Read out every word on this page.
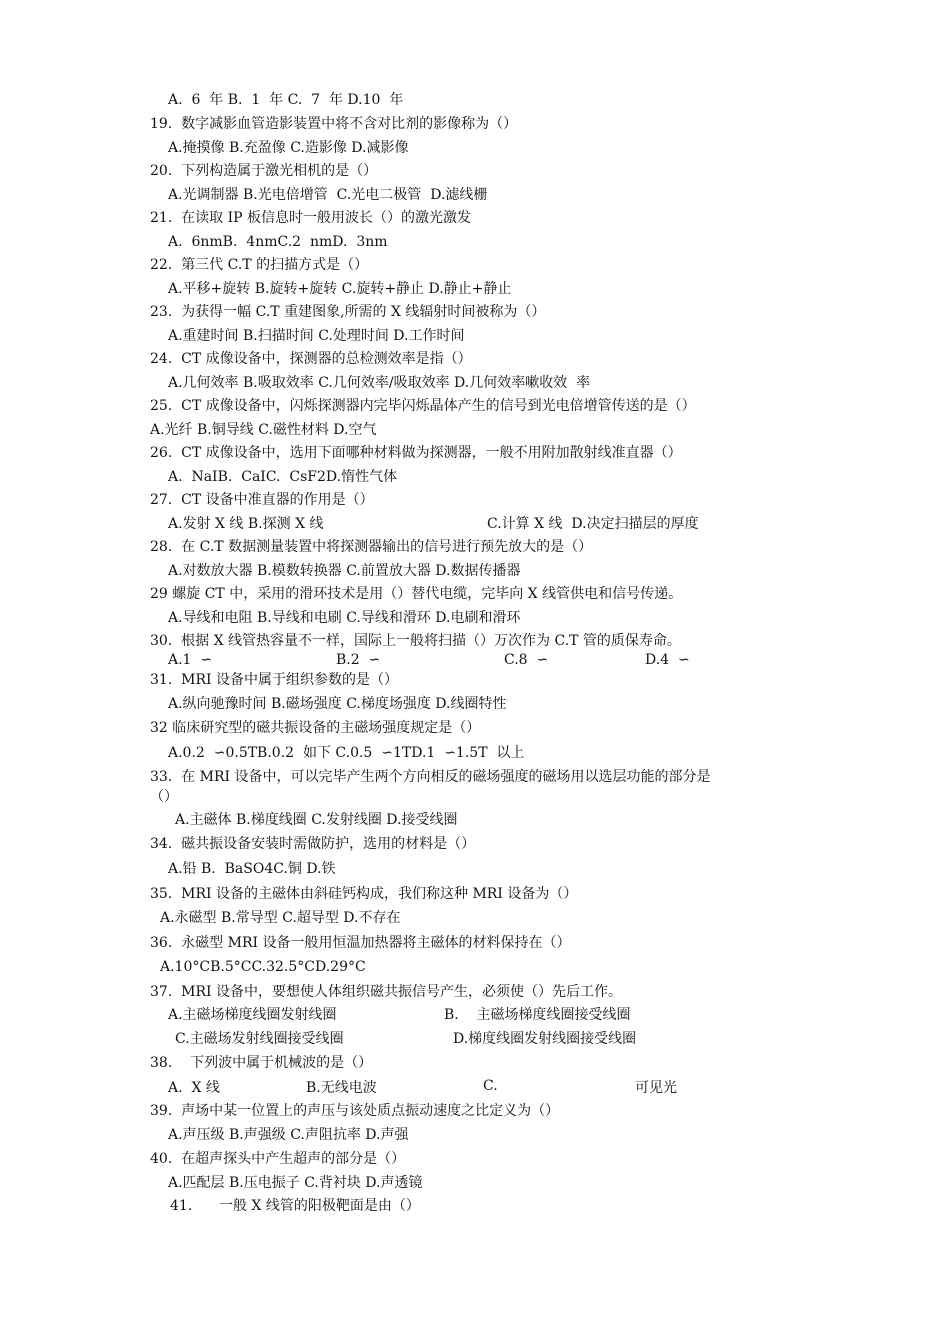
A.  6  年 B.  1  年 C.  7  年 D.10  年
19.  数字减影血管造影装置中将不含对比剂的影像称为（）
A.掩摸像 B.充盈像 C.造影像 D.减影像
20.  下列构造属于激光相机的是（）
A.光调制器 B.光电倍增管  C.光电二极管  D.滤线栅
21.  在读取 IP 板信息时一般用波长（）的激光激发
A.  6nmB.  4nmC.2  nmD.  3nm
22.  第三代 C.T 的扫描方式是（）
A.平移+旋转 B.旋转+旋转 C.旋转+静止 D.静止+静止
23.  为获得一幅 C.T 重建图象,所需的 X 线辐射时间被称为（）
A.重建时间 B.扫描时间 C.处理时间 D.工作时间
24.  CT 成像设备中，探测器的总检测效率是指（）
A.几何效率 B.吸取效率 C.几何效率/吸取效率 D.几何效率嗽收效  率
25.  CT 成像设备中，闪烁探测器内完毕闪烁晶体产生的信号到光电倍增管传送的是（）
A.光纤 B.铜导线 C.磁性材料 D.空气
26.  CT 成像设备中，选用下面哪种材料做为探测器，一般不用附加散射线准直器（）
A.  NaIB.  CaIC.  CsF2D.惰性气体
27.  CT 设备中准直器的作用是（）
A.发射 X 线 B.探测 X 线	C.计算 X 线  D.决定扫描层的厚度
28.  在 C.T 数据测量装置中将探测器输出的信号进行预先放大的是（）
A.对数放大器 B.模数转换器 C.前置放大器 D.数据传播器
29 螺旋 CT 中，采用的滑环技术是用（）替代电缆，完毕向 X 线管供电和信号传递。
A.导线和电阻 B.导线和电刷 C.导线和滑环 D.电刷和滑环
30.  根据 X 线管热容量不一样，国际上一般将扫描（）万次作为 C.T 管的质保寿命。
A.1  ∽	B.2  ∽	C.8  ∽	D.4  ∽
31.  MRI 设备中属于组织参数的是（）
A.纵向驰豫时间 B.磁场强度 C.梯度场强度 D.线圈特性
32 临床研究型的磁共振设备的主磁场强度规定是（）
A.0.2  ∽0.5TB.0.2  如下 C.0.5  ∽1TD.1  ∽1.5T  以上
33.  在 MRI 设备中，可以完毕产生两个方向相反的磁场强度的磁场用以选层功能的部分是
（）
A.主磁体 B.梯度线圈 C.发射线圈 D.接受线圈
34.  磁共振设备安装时需做防护，选用的材料是（）
A.铅 B.  BaSO4C.铜 D.铁
35.  MRI 设备的主磁体由斜硅钙构成，我们称这种 MRI 设备为（）
A.永磁型 B.常导型 C.超导型 D.不存在
36.  永磁型 MRI 设备一般用恒温加热器将主磁体的材料保持在（）
A.10°CB.5°CC.32.5°CD.29°C
37.  MRI 设备中，要想使人体组织磁共振信号产生，必须使（）先后工作。
A.主磁场梯度线圈发射线圈	B.    主磁场梯度线圈接受线圈
C.主磁场发射线圈接受线圈	D.梯度线圈发射线圈接受线圈
38.    下列波中属于机械波的是（）
A.  X 线	B.无线电波	C.	可见光
39.  声场中某一位置上的声压与该处质点振动速度之比定义为（）
A.声压级 B.声强级 C.声阻抗率 D.声强
40.  在超声探头中产生超声的部分是（）
A.匹配层 B.压电振子 C.背衬块 D.声透镜
41.      一般 X 线管的阳极靶面是由（）
